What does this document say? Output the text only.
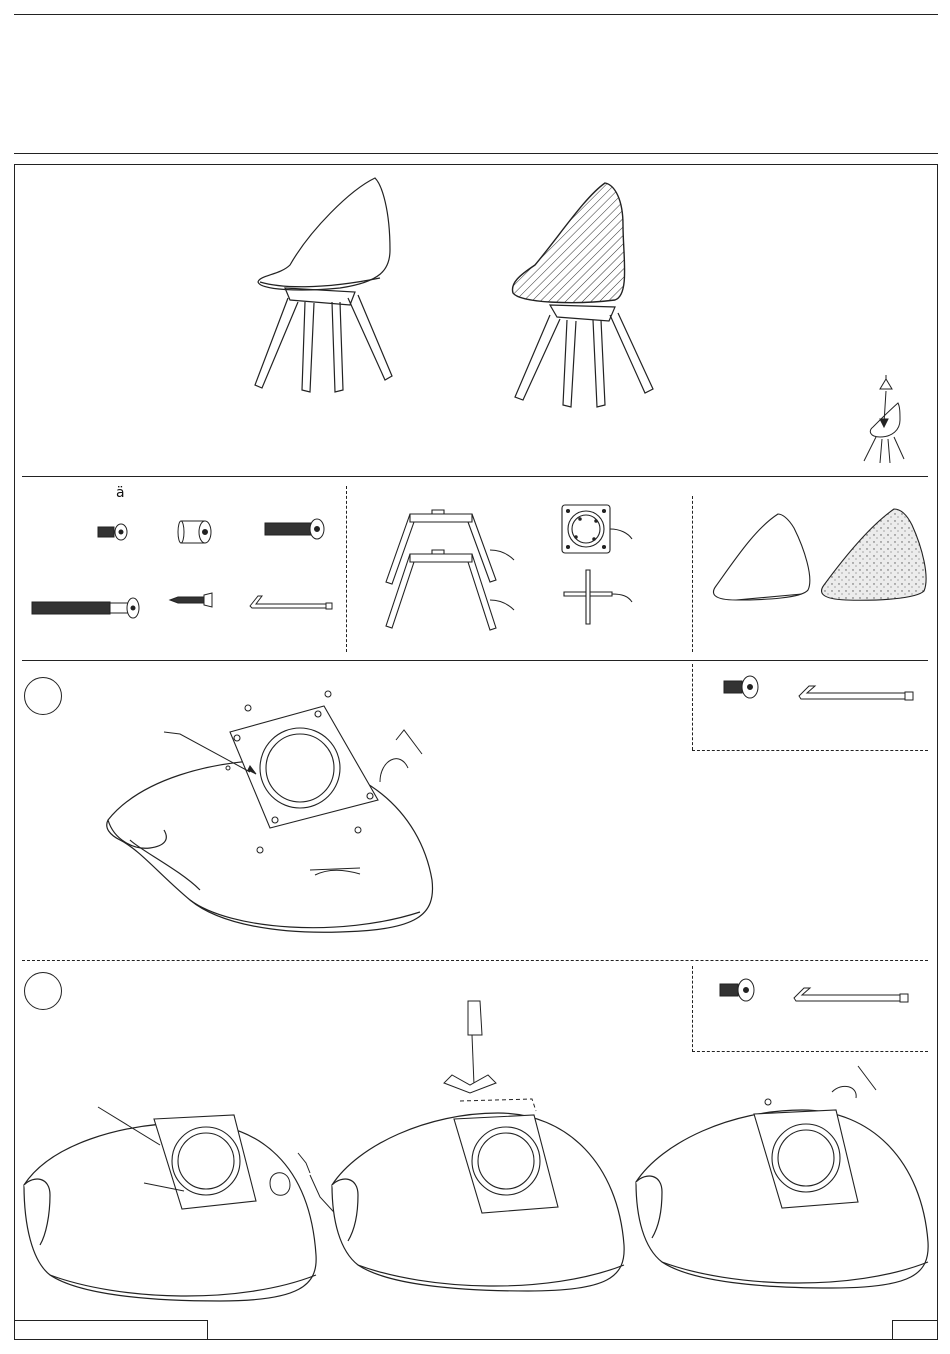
ä
